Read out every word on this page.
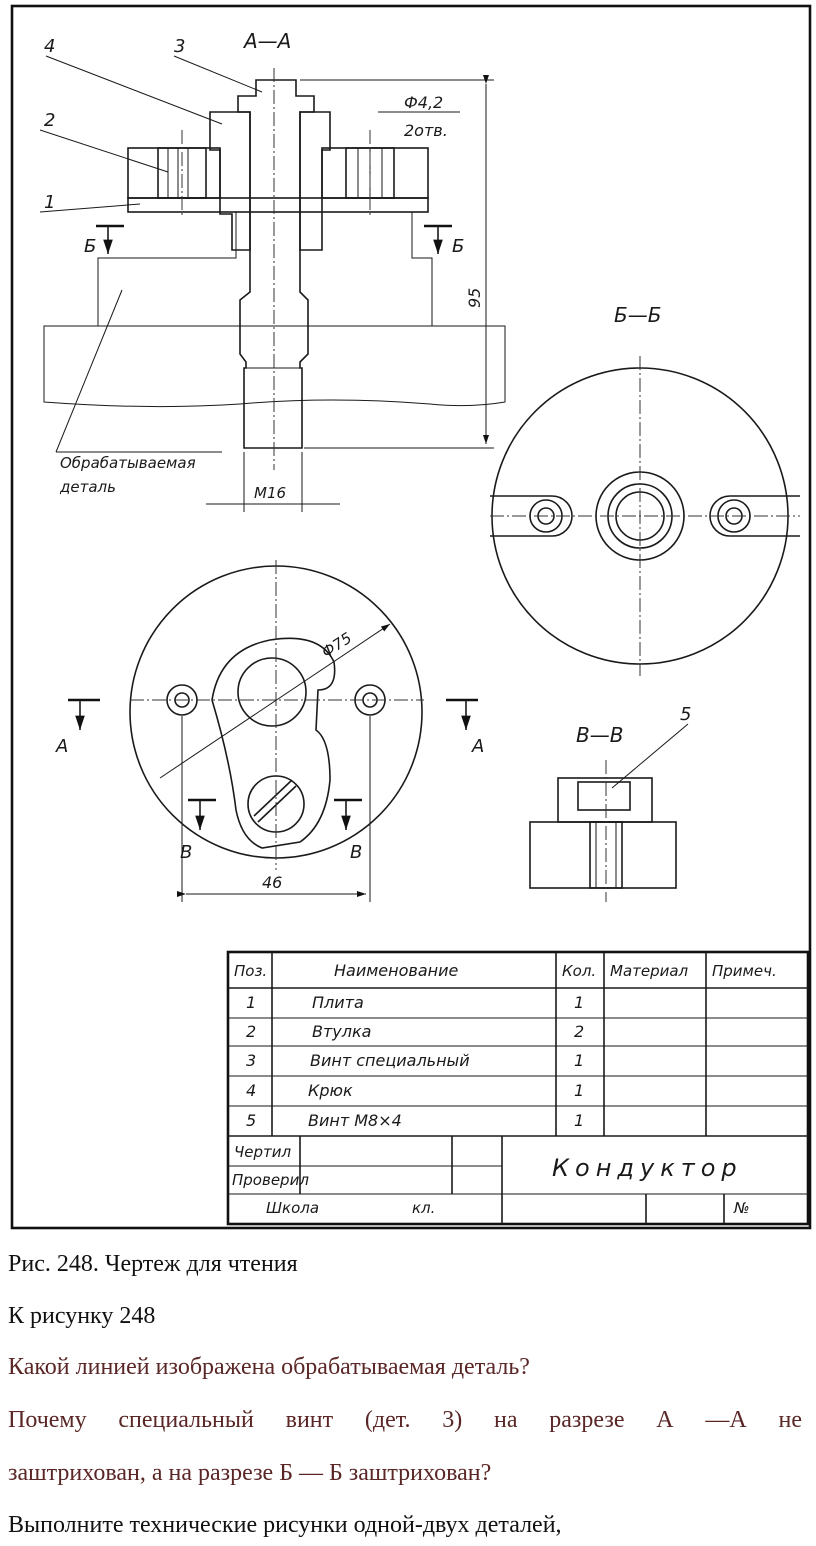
А—А
4	3
2
1
Б	Б
Ф4,2
2отв.
95
М16
Обрабатываемая
деталь
Б—Б
Ф75
А	А
В	В
46
В—В
5
Поз.	Наименование	Кол. Материал Примеч.
1	Плита	1
2	Втулка	2
3	Винт специальный	1
4	Крюк	1
5	Винт М8×4	1
Чертил
Проверил
Школа	кл.
Кондуктор
№
Рис. 248. Чертеж для чтения
К рисунку 248
Какой линией изображена обрабатываемая деталь?
Почему специальный винт (дет. 3) на разрезе А —А не
заштрихован, а на разрезе Б — Б заштрихован?
Выполните технические рисунки одной-двух деталей,
